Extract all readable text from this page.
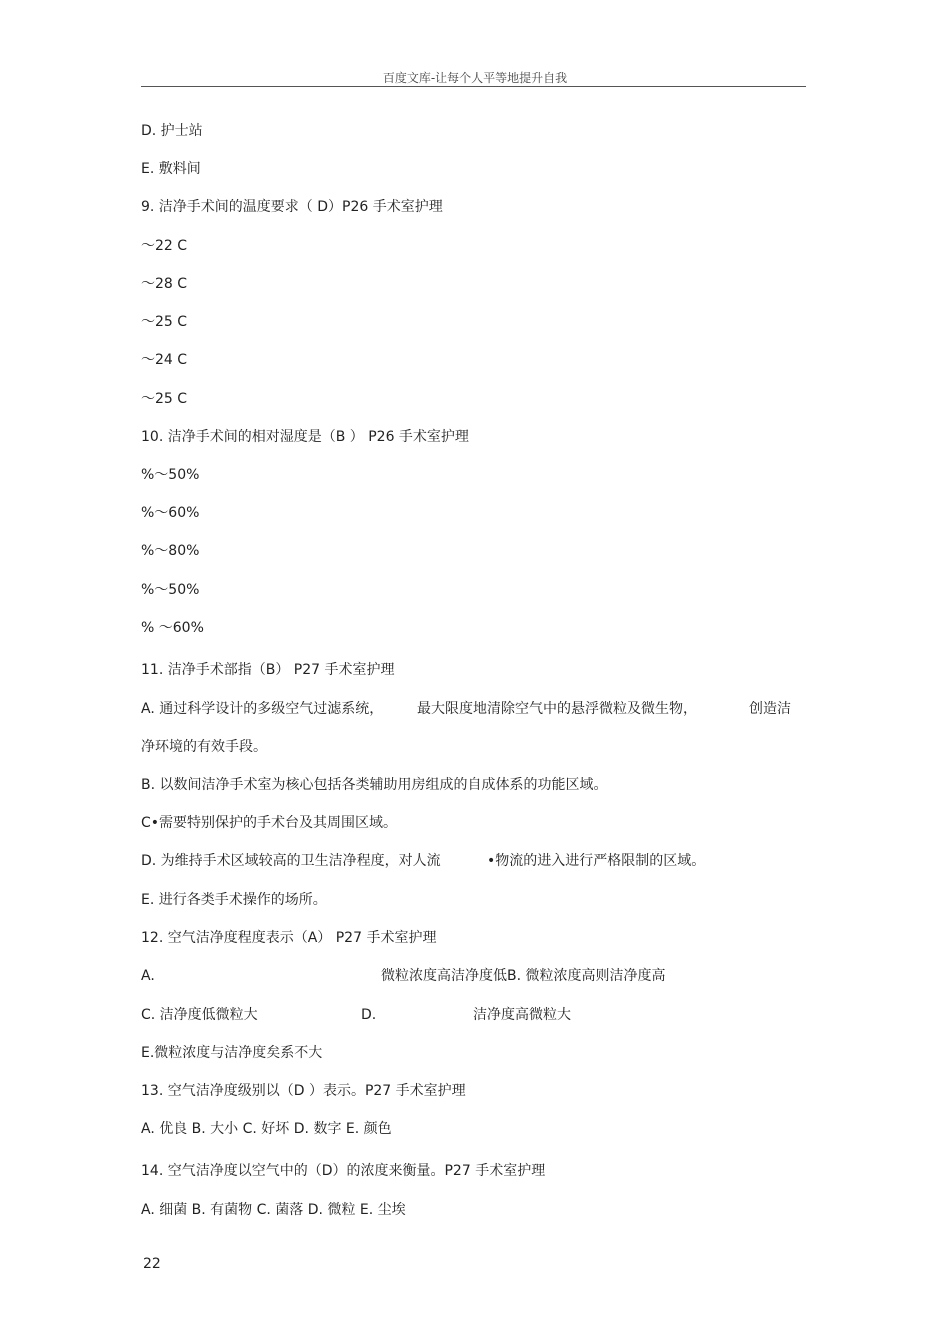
百度文库-让每个人平等地提升自我
D. 护士站
E. 敷料间
9. 洁净手术间的温度要求（ D）P26 手术室护理
～22 C
～28 C
～25 C
～24 C
～25 C
10. 洁净手术间的相对湿度是（B ） P26 手术室护理
%～50%
%～60%
%～80%
%～50%
% ～60%
11. 洁净手术部指（B） P27 手术室护理
A. 通过科学设计的多级空气过滤系统， 最大限度地清除空气中的悬浮微粒及微生物，	创造洁
净环境的有效手段。
B. 以数间洁净手术室为核心包括各类辅助用房组成的自成体系的功能区域。
C•需要特别保护的手术台及其周围区域。
D. 为维持手术区域较高的卫生洁净程度，对人流	•物流的进入进行严格限制的区域。
E. 进行各类手术操作的场所。
12. 空气洁净度程度表示（A） P27 手术室护理
A.	微粒浓度高洁净度低B. 微粒浓度高则洁净度高
C. 洁净度低微粒大	D.	洁净度高微粒大
E.微粒浓度与洁净度矣系不大
13. 空气洁净度级别以（D ）表示。P27 手术室护理
A. 优良 B. 大小 C. 好坏 D. 数字 E. 颜色
14. 空气洁净度以空气中的（D）的浓度来衡量。P27 手术室护理
A. 细菌 B. 有菌物 C. 菌落 D. 微粒 E. 尘埃
22
